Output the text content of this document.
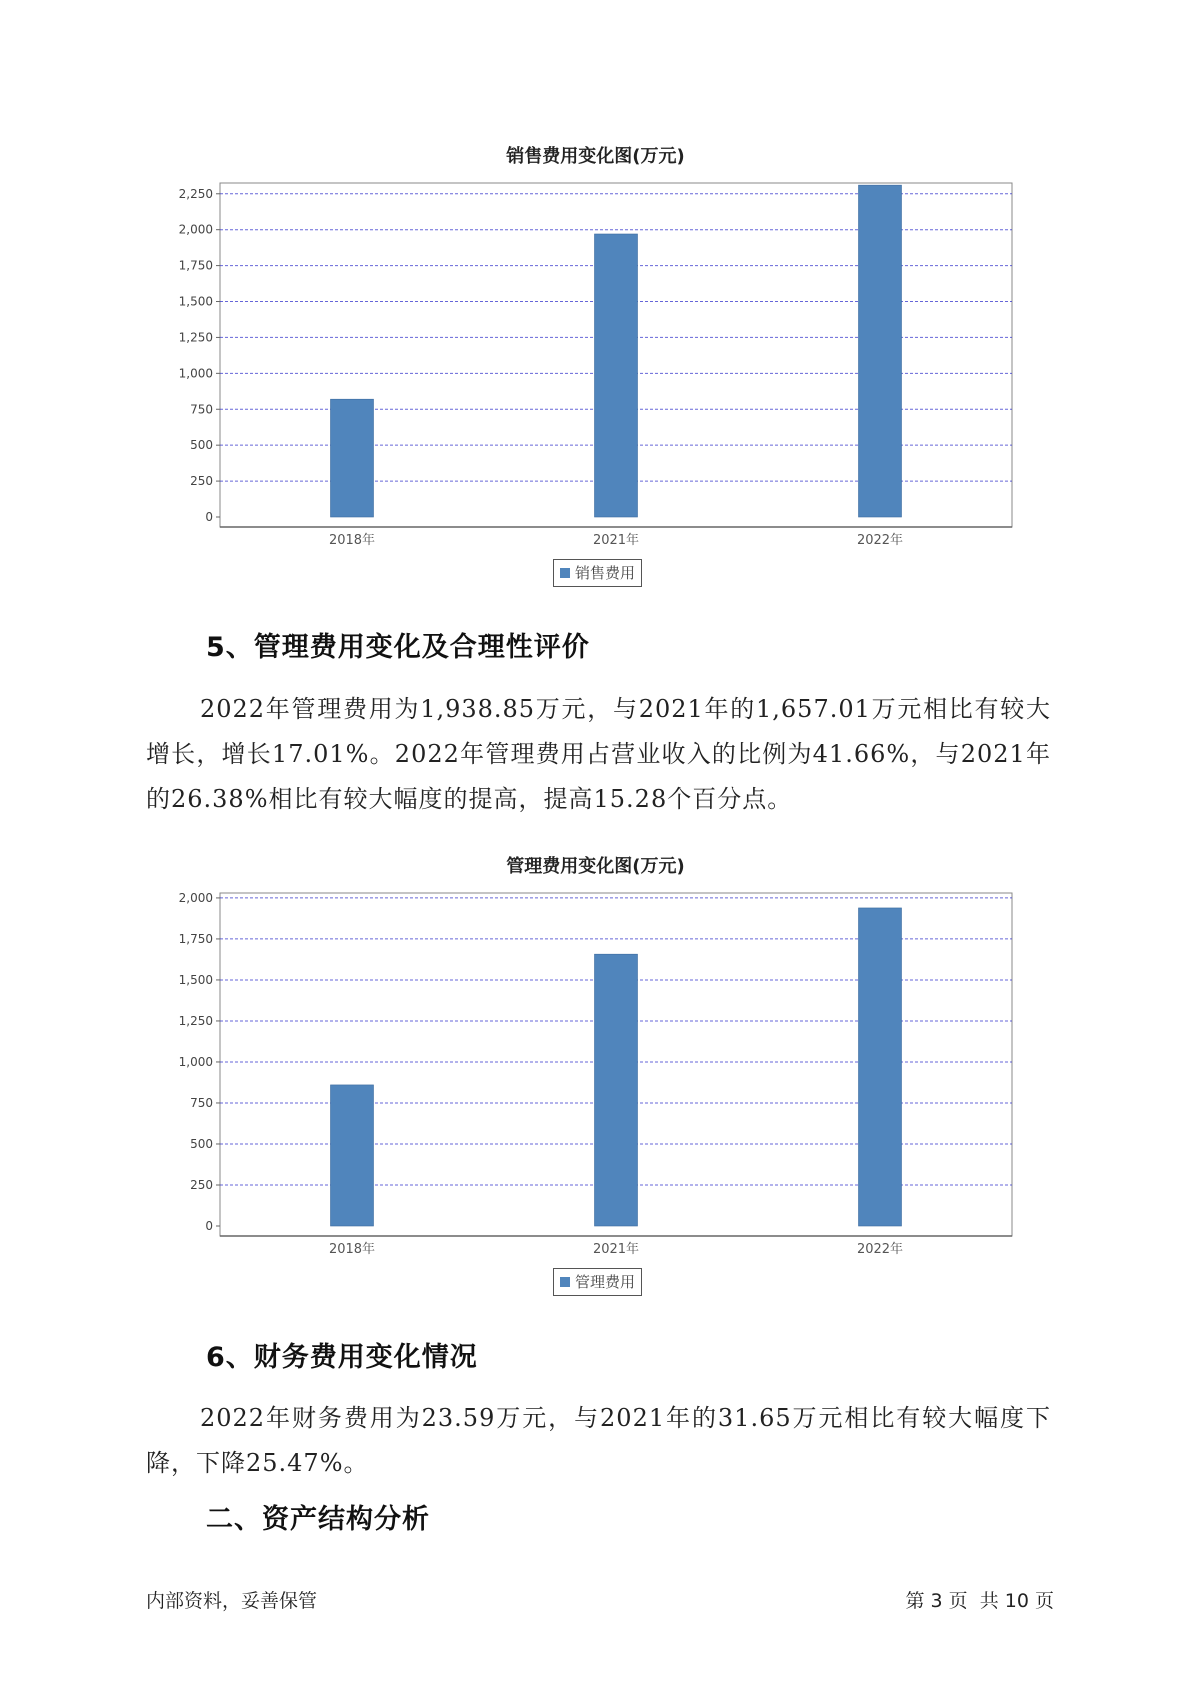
销售费用变化图(万元)
0
250
500
750
1,000
1,250
1,500
1,750
2,000
2,250
2018年	2021年	2022年
销售费用
5、管理费用变化及合理性评价
2022年管理费用为1,938.85万元，与2021年的1,657.01万元相比有较大增长，增长17.01%。2022年管理费用占营业收入的比例为41.66%，与2021年的26.38%相比有较大幅度的提高，提高15.28个百分点。
管理费用变化图(万元)
0
250
500
750
1,000
1,250
1,500
1,750
2,000
2018年	2021年	2022年
管理费用
6、财务费用变化情况
2022年财务费用为23.59万元，与2021年的31.65万元相比有较大幅度下降，下降25.47%。
二、资产结构分析
内部资料，妥善保管	第 3 页  共 10 页
